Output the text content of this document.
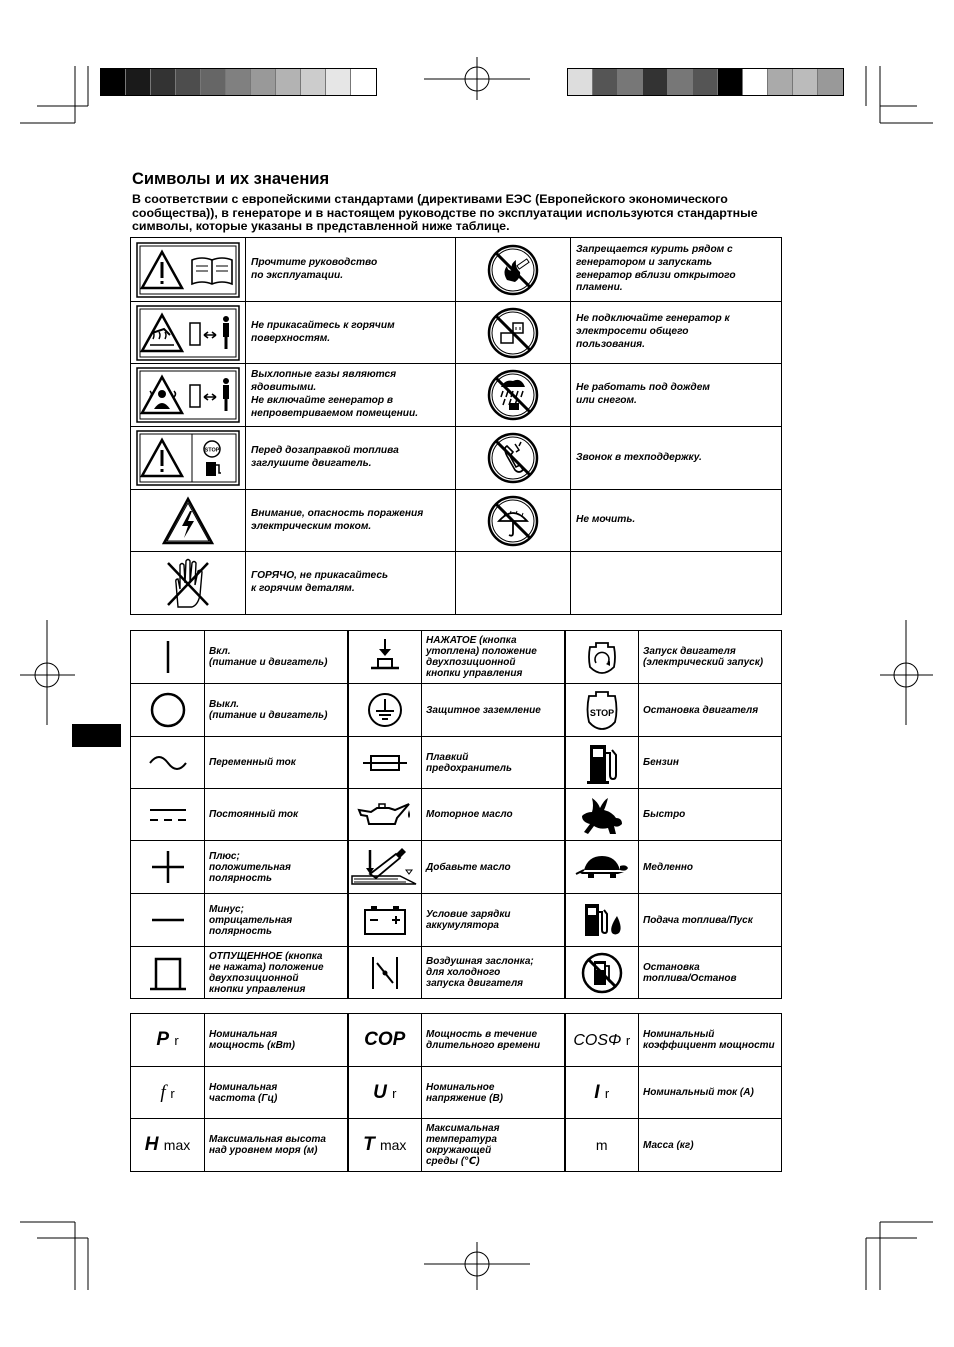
Символы и их значения

В соответствии с европейскими стандартами (директивами ЕЭС (Европейского экономического сообщества)), в генераторе и в настоящем руководстве по эксплуатации используются стандартные символы, которые указаны в представленной ниже таблице.

	Прочтите руководство
по эксплуатации.		Запрещается курить рядом с
генератором и запускать
генератор вблизи открытого
пламени.

	Не прикасайтесь к горячим
поверхностям.		Не подключайте генератор к
электросети общего
пользования.

	Выхлопные газы являются
ядовитыми.
Не включайте генератор в
непроветриваемом помещении.		Не работать под дождем
или снегом.

STOP	Перед дозаправкой топлива
заглушите двигатель.		Звонок в техподдержку.

	Внимание, опасность поражения
электрическим током.		Не мочить.

	ГОРЯЧО, не прикасайтесь
к горячим деталям.		
	Вкл.
(питание и двигатель)		НАЖАТОЕ (кнопка
утоплена) положение
двухпозиционной
кнопки управления		Запуск двигателя
(электрический запуск)

	Выкл.
(питание и двигатель)		Защитное заземление	STOP	Остановка двигателя

	Переменный ток		Плавкий
предохранитель		Бензин

	Постоянный ток		Моторное масло		Быстро

	Плюс;
положительная
полярность		Добавьте масло		Медленно

	Минус;
отрицательная
полярность		Условие зарядки
аккумулятора		Подача топлива/Пуск

	ОТПУЩЕННОЕ (кнопка
не нажата) положение
двухпозиционной
кнопки управления		Воздушная заслонка;
для холодного
запуска двигателя		Остановка
топлива/Останов
P r	Номинальная
мощность (кВт)	COP	Мощность в течение
длительного времени	COSΦ r	Номинальный
коэффициент мощности
f r	Номинальная
частота (Гц)	U r	Номинальное
напряжение (В)	I r	Номинальный ток (А)
H max	Максимальная высота
над уровнем моря (м)	T max	Максимальная
температура
окружающей
среды (℃)	m	Масса (кг)
